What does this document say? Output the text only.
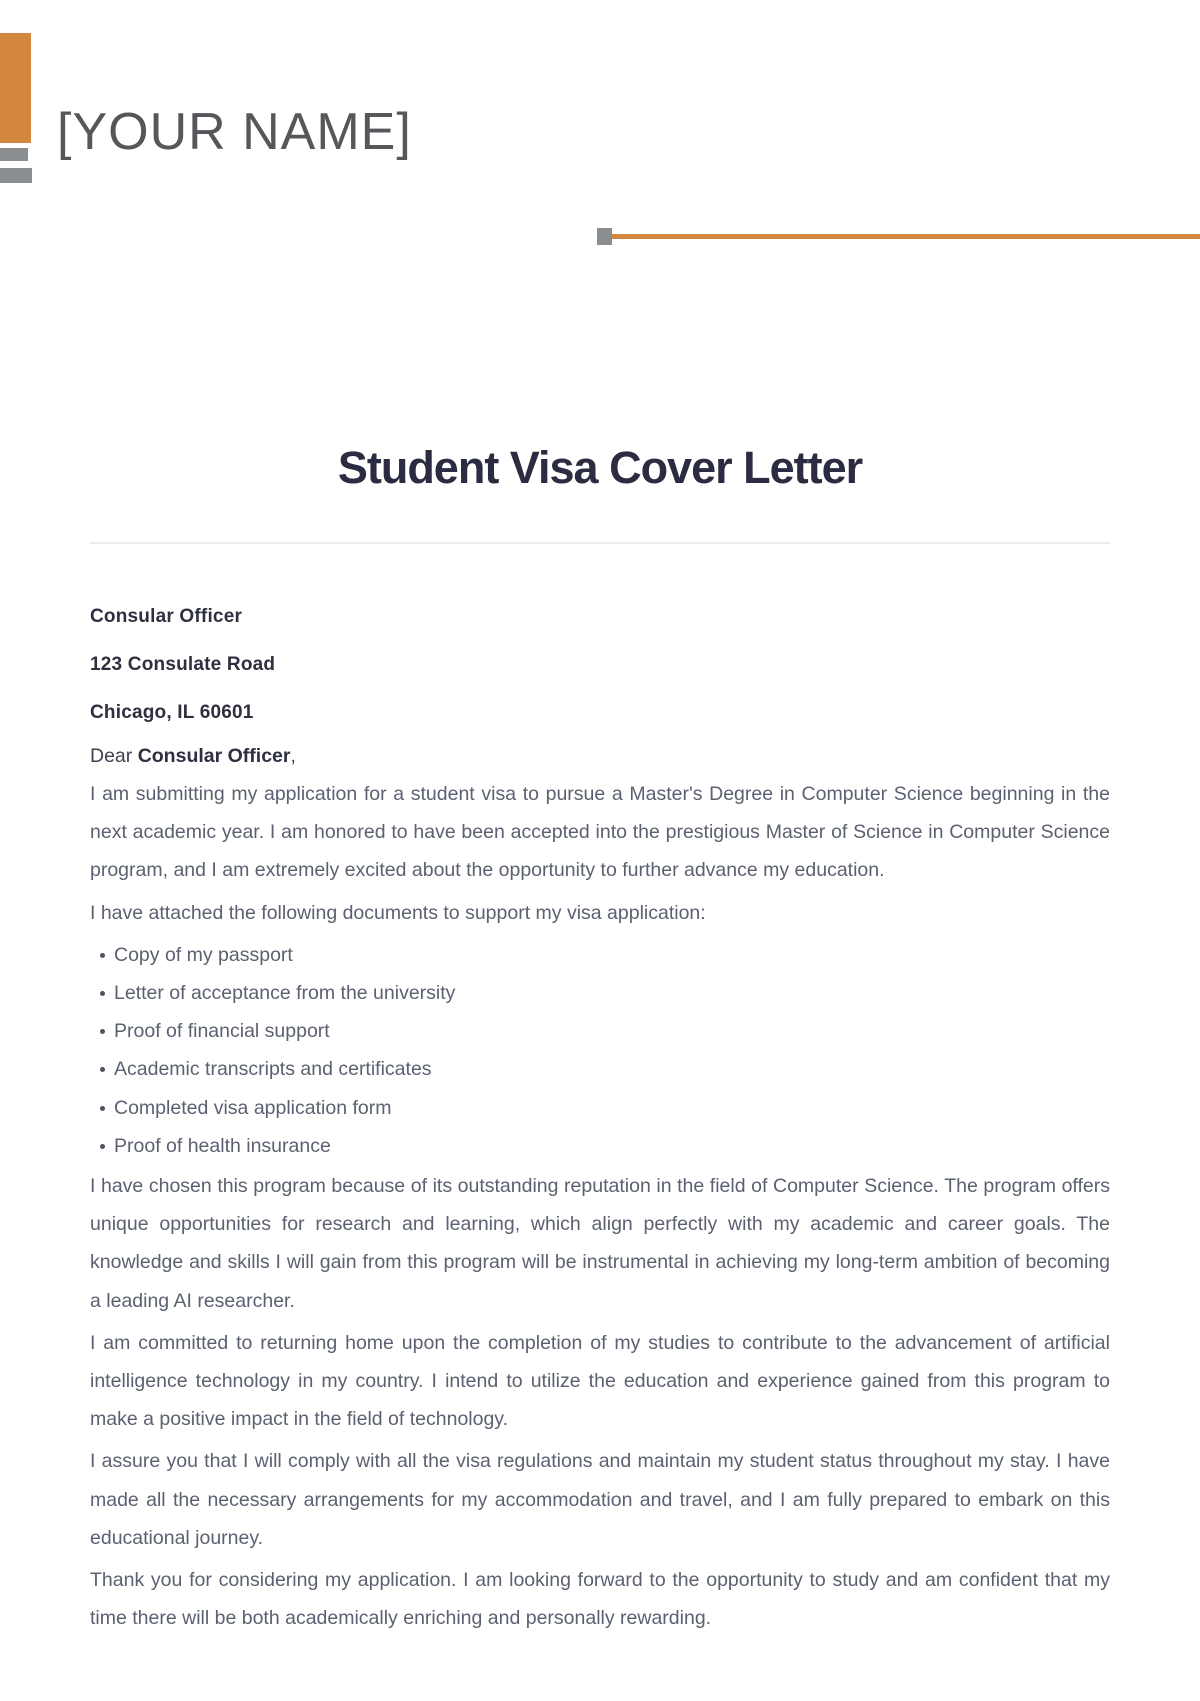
[YOUR NAME]
Student Visa Cover Letter

Consular Officer

123 Consulate Road

Chicago, IL 60601

Dear Consular Officer,

I am submitting my application for a student visa to pursue a Master's Degree in Computer Science beginning in the next academic year. I am honored to have been accepted into the prestigious Master of Science in Computer Science program, and I am extremely excited about the opportunity to further advance my education.

I have attached the following documents to support my visa application:

Copy of my passport
Letter of acceptance from the university
Proof of financial support
Academic transcripts and certificates
Completed visa application form
Proof of health insurance

I have chosen this program because of its outstanding reputation in the field of Computer Science. The program offers unique opportunities for research and learning, which align perfectly with my academic and career goals. The knowledge and skills I will gain from this program will be instrumental in achieving my long-term ambition of becoming a leading AI researcher.

I am committed to returning home upon the completion of my studies to contribute to the advancement of artificial intelligence technology in my country. I intend to utilize the education and experience gained from this program to make a positive impact in the field of technology.

I assure you that I will comply with all the visa regulations and maintain my student status throughout my stay. I have made all the necessary arrangements for my accommodation and travel, and I am fully prepared to embark on this educational journey.

Thank you for considering my application. I am looking forward to the opportunity to study and am confident that my time there will be both academically enriching and personally rewarding.
